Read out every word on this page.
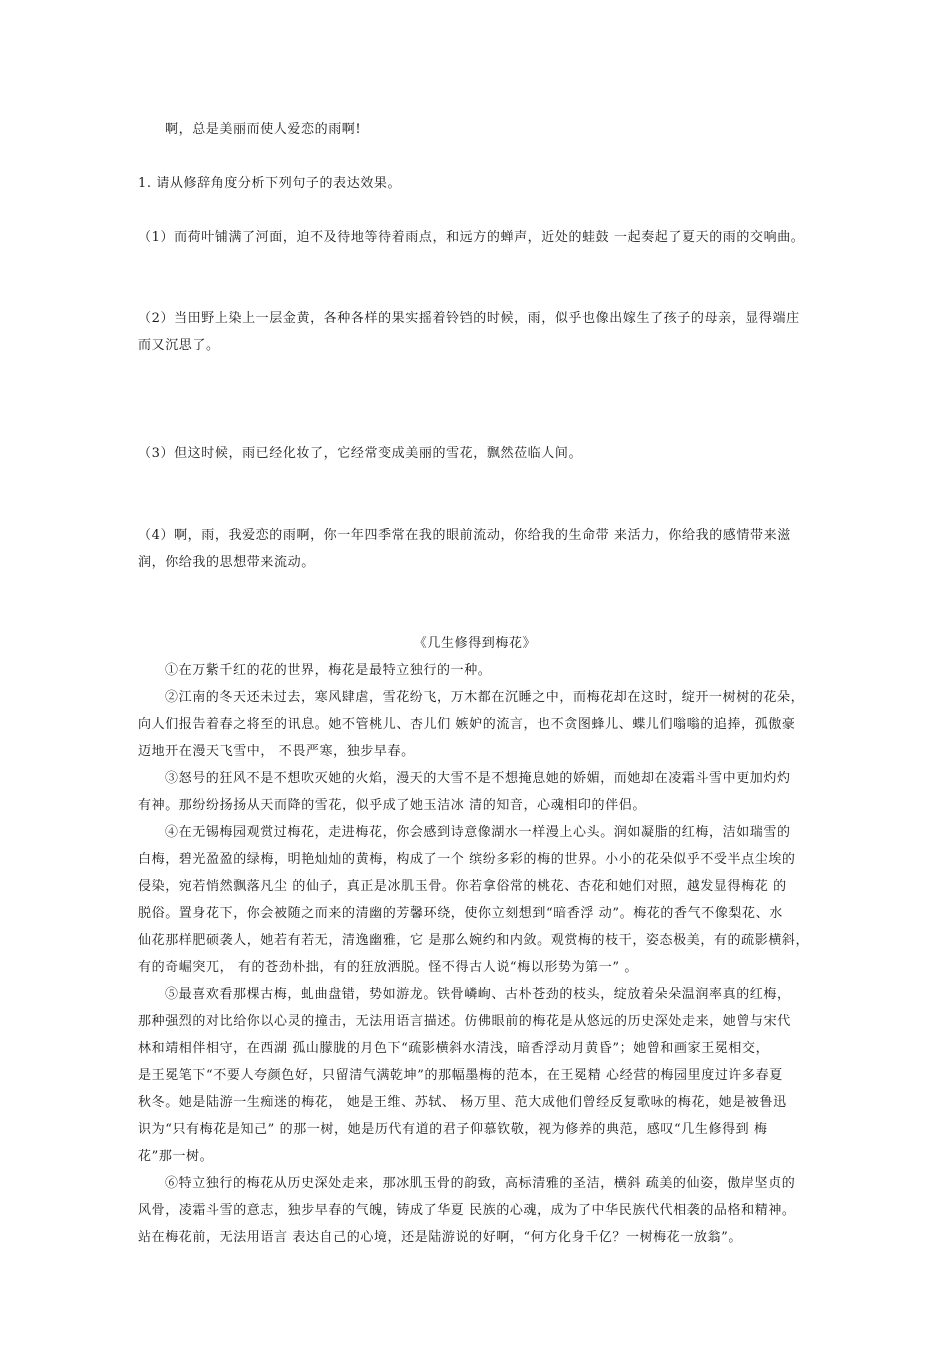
啊，总是美丽而使人爱恋的雨啊!
1. 请从修辞角度分析下列句子的表达效果。
（1）而荷叶铺满了河面，迫不及待地等待着雨点，和远方的蝉声，近处的蛙鼓 一起奏起了夏天的雨的交响曲。
（2）当田野上染上一层金黄，各种各样的果实摇着铃铛的时候，雨，似乎也像出嫁生了孩子的母亲，显得端庄
而又沉思了。
（3）但这时候，雨已经化妆了，它经常变成美丽的雪花，飘然莅临人间。
（4）啊，雨，我爱恋的雨啊，你一年四季常在我的眼前流动，你给我的生命带 来活力，你给我的感情带来滋
润，你给我的思想带来流动。
《几生修得到梅花》
①在万紫千红的花的世界，梅花是最特立独行的一种。
②江南的冬天还未过去，寒风肆虐，雪花纷飞，万木都在沉睡之中，而梅花却在这时，绽开一树树的花朵，
向人们报告着春之将至的讯息。她不管桃儿、杏儿们 嫉妒的流言，也不贪图蜂儿、蝶儿们嗡嗡的追捧，孤傲豪
迈地开在漫天飞雪中， 不畏严寒，独步早春。
③怒号的狂风不是不想吹灭她的火焰，漫天的大雪不是不想掩息她的娇媚，而她却在凌霜斗雪中更加灼灼
有神。那纷纷扬扬从天而降的雪花，似乎成了她玉洁冰 清的知音，心魂相印的伴侣。
④在无锡梅园观赏过梅花，走进梅花，你会感到诗意像湖水一样漫上心头。润如凝脂的红梅，洁如瑞雪的
白梅，碧光盈盈的绿梅，明艳灿灿的黄梅，构成了一个 缤纷多彩的梅的世界。小小的花朵似乎不受半点尘埃的
侵染，宛若悄然飘落凡尘 的仙子，真正是冰肌玉骨。你若拿俗常的桃花、杏花和她们对照，越发显得梅花 的
脱俗。置身花下，你会被随之而来的清幽的芳馨环绕，使你立刻想到“暗香浮 动”。梅花的香气不像梨花、水
仙花那样肥硕袭人，她若有若无，清逸幽雅，它 是那么婉约和内敛。观赏梅的枝干，姿态极美，有的疏影横斜，
有的奇崛突兀， 有的苍劲朴拙，有的狂放洒脱。怪不得古人说“梅以形势为第一” 。
⑤最喜欢看那棵古梅，虬曲盘错，势如游龙。铁骨嶙峋、古朴苍劲的枝头，绽放着朵朵温润率真的红梅，
那种强烈的对比给你以心灵的撞击，无法用语言描述。仿佛眼前的梅花是从悠远的历史深处走来，她曾与宋代
林和靖相伴相守，在西湖 孤山朦胧的月色下“疏影横斜水清浅，暗香浮动月黄昏”；她曾和画家王冕相交，
是王冕笔下“不要人夸颜色好，只留清气满乾坤”的那幅墨梅的范本，在王冕精 心经营的梅园里度过许多春夏
秋冬。她是陆游一生痴迷的梅花， 她是王维、苏轼、 杨万里、范大成他们曾经反复歌咏的梅花，她是被鲁迅
识为“只有梅花是知己” 的那一树，她是历代有道的君子仰慕钦敬，视为修养的典范，感叹“几生修得到 梅
花”那一树。
⑥特立独行的梅花从历史深处走来，那冰肌玉骨的韵致，高标清雅的圣洁，横斜 疏美的仙姿，傲岸坚贞的
风骨，凌霜斗雪的意志，独步早春的气魄，铸成了华夏 民族的心魂，成为了中华民族代代相袭的品格和精神。
站在梅花前，无法用语言 表达自己的心境，还是陆游说的好啊，“何方化身千亿？一树梅花一放翁”。
